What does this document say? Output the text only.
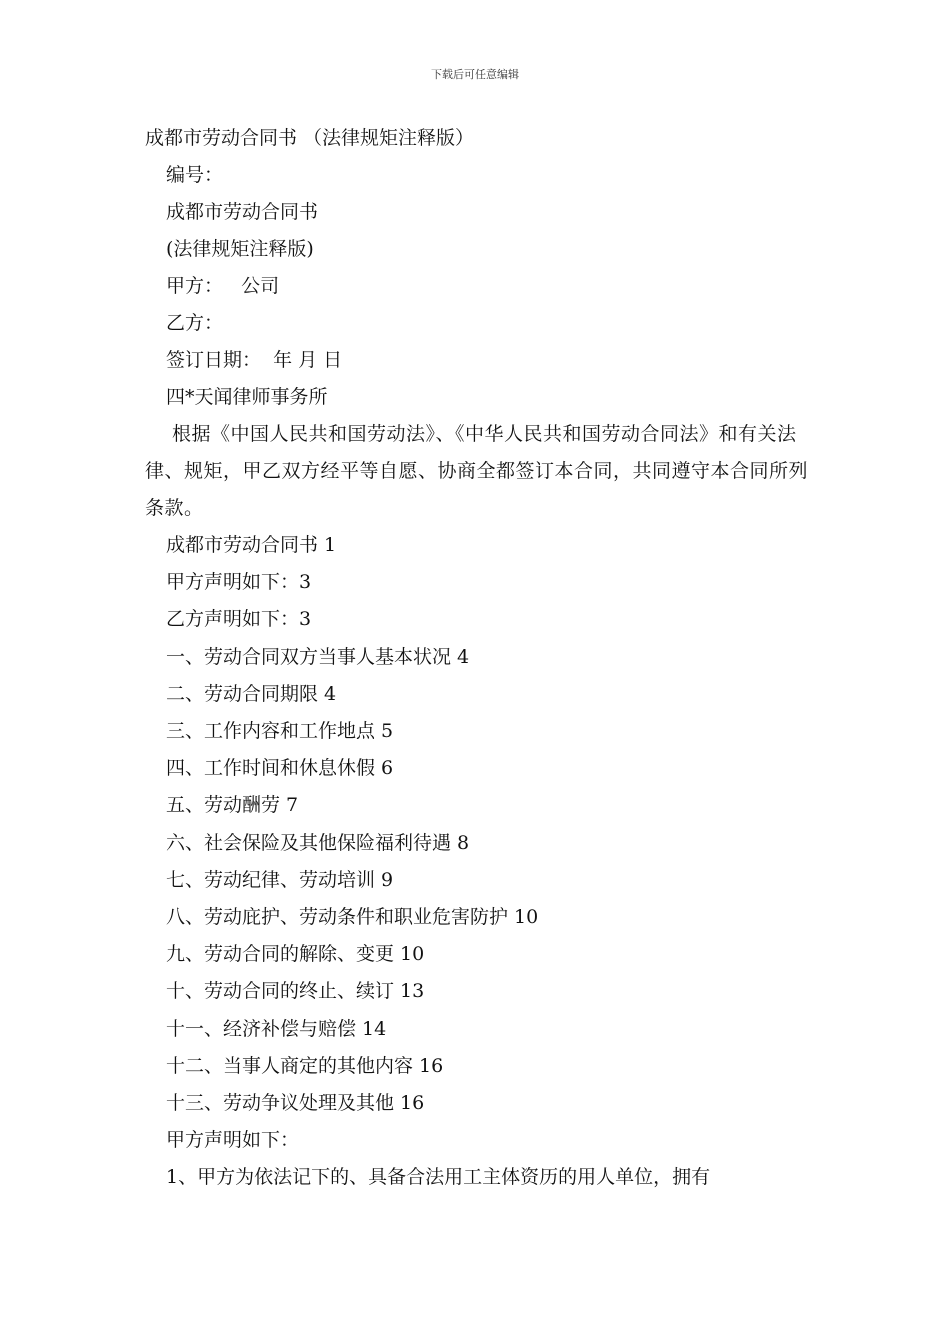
下载后可任意编辑
成都市劳动合同书 （法律规矩注释版）
编号：
成都市劳动合同书
(法律规矩注释版)
甲方：   公司
乙方：
签订日期：  年 月 日
四*天闻律师事务所
根据《中国人民共和国劳动法》、《中华人民共和国劳动合同法》和有关法律、规矩，甲乙双方经平等自愿、协商全都签订本合同，共同遵守本合同所列条款。
成都市劳动合同书 1
甲方声明如下：3
乙方声明如下：3
一、劳动合同双方当事人基本状况 4
二、劳动合同期限 4
三、工作内容和工作地点 5
四、工作时间和休息休假 6
五、劳动酬劳 7
六、社会保险及其他保险福利待遇 8
七、劳动纪律、劳动培训 9
八、劳动庇护、劳动条件和职业危害防护 10
九、劳动合同的解除、变更 10
十、劳动合同的终止、续订 13
十一、经济补偿与赔偿 14
十二、当事人商定的其他内容 16
十三、劳动争议处理及其他 16
甲方声明如下：
1、甲方为依法记下的、具备合法用工主体资历的用人单位，拥有
